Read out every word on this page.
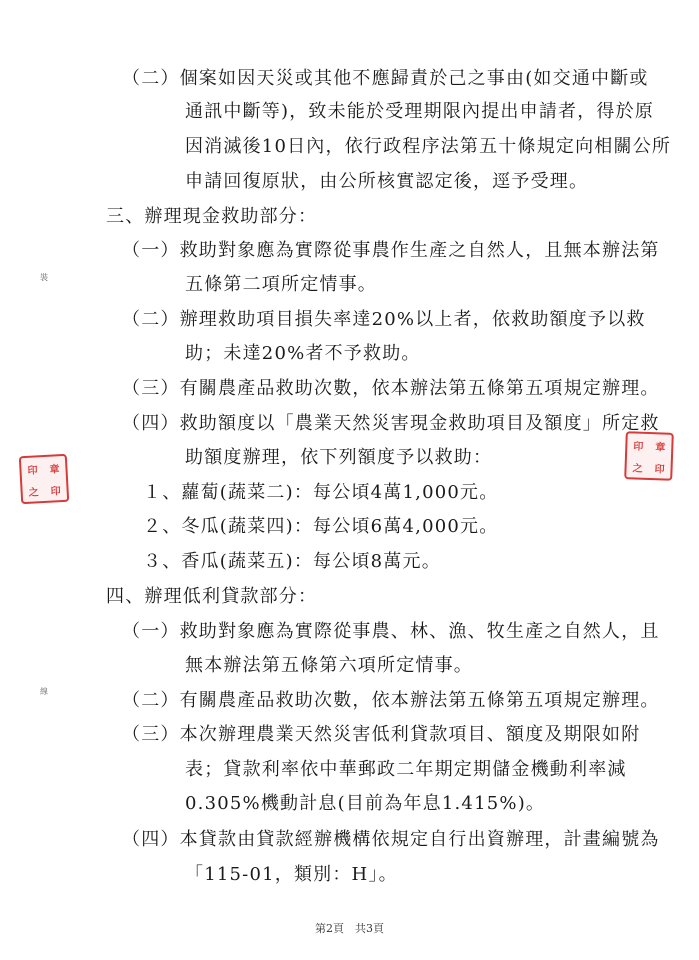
（二）個案如因天災或其他不應歸責於己之事由(如交通中斷或
通訊中斷等)，致未能於受理期限內提出申請者，得於原
因消滅後10日內，依行政程序法第五十條規定向相關公所
申請回復原狀，由公所核實認定後，逕予受理。
三、辦理現金救助部分：
（一）救助對象應為實際從事農作生產之自然人，且無本辦法第
五條第二項所定情事。
（二）辦理救助項目損失率達20%以上者，依救助額度予以救
助；未達20%者不予救助。
（三）有關農產品救助次數，依本辦法第五條第五項規定辦理。
（四）救助額度以「農業天然災害現金救助項目及額度」所定救
助額度辦理，依下列額度予以救助：
１、蘿蔔(蔬菜二)：每公頃4萬1,000元。
２、冬瓜(蔬菜四)：每公頃6萬4,000元。
３、香瓜(蔬菜五)：每公頃8萬元。
四、辦理低利貸款部分：
（一）救助對象應為實際從事農、林、漁、牧生產之自然人，且
無本辦法第五條第六項所定情事。
（二）有關農產品救助次數，依本辦法第五條第五項規定辦理。
（三）本次辦理農業天然災害低利貸款項目、額度及期限如附
表；貸款利率依中華郵政二年期定期儲金機動利率減
0.305%機動計息(目前為年息1.415%)。
（四）本貸款由貸款經辦機構依規定自行出資辦理，計畫編號為
「115-01，類別：H」。
裝
線
印	章
之	印
印	章
之	印
第2頁　共3頁
